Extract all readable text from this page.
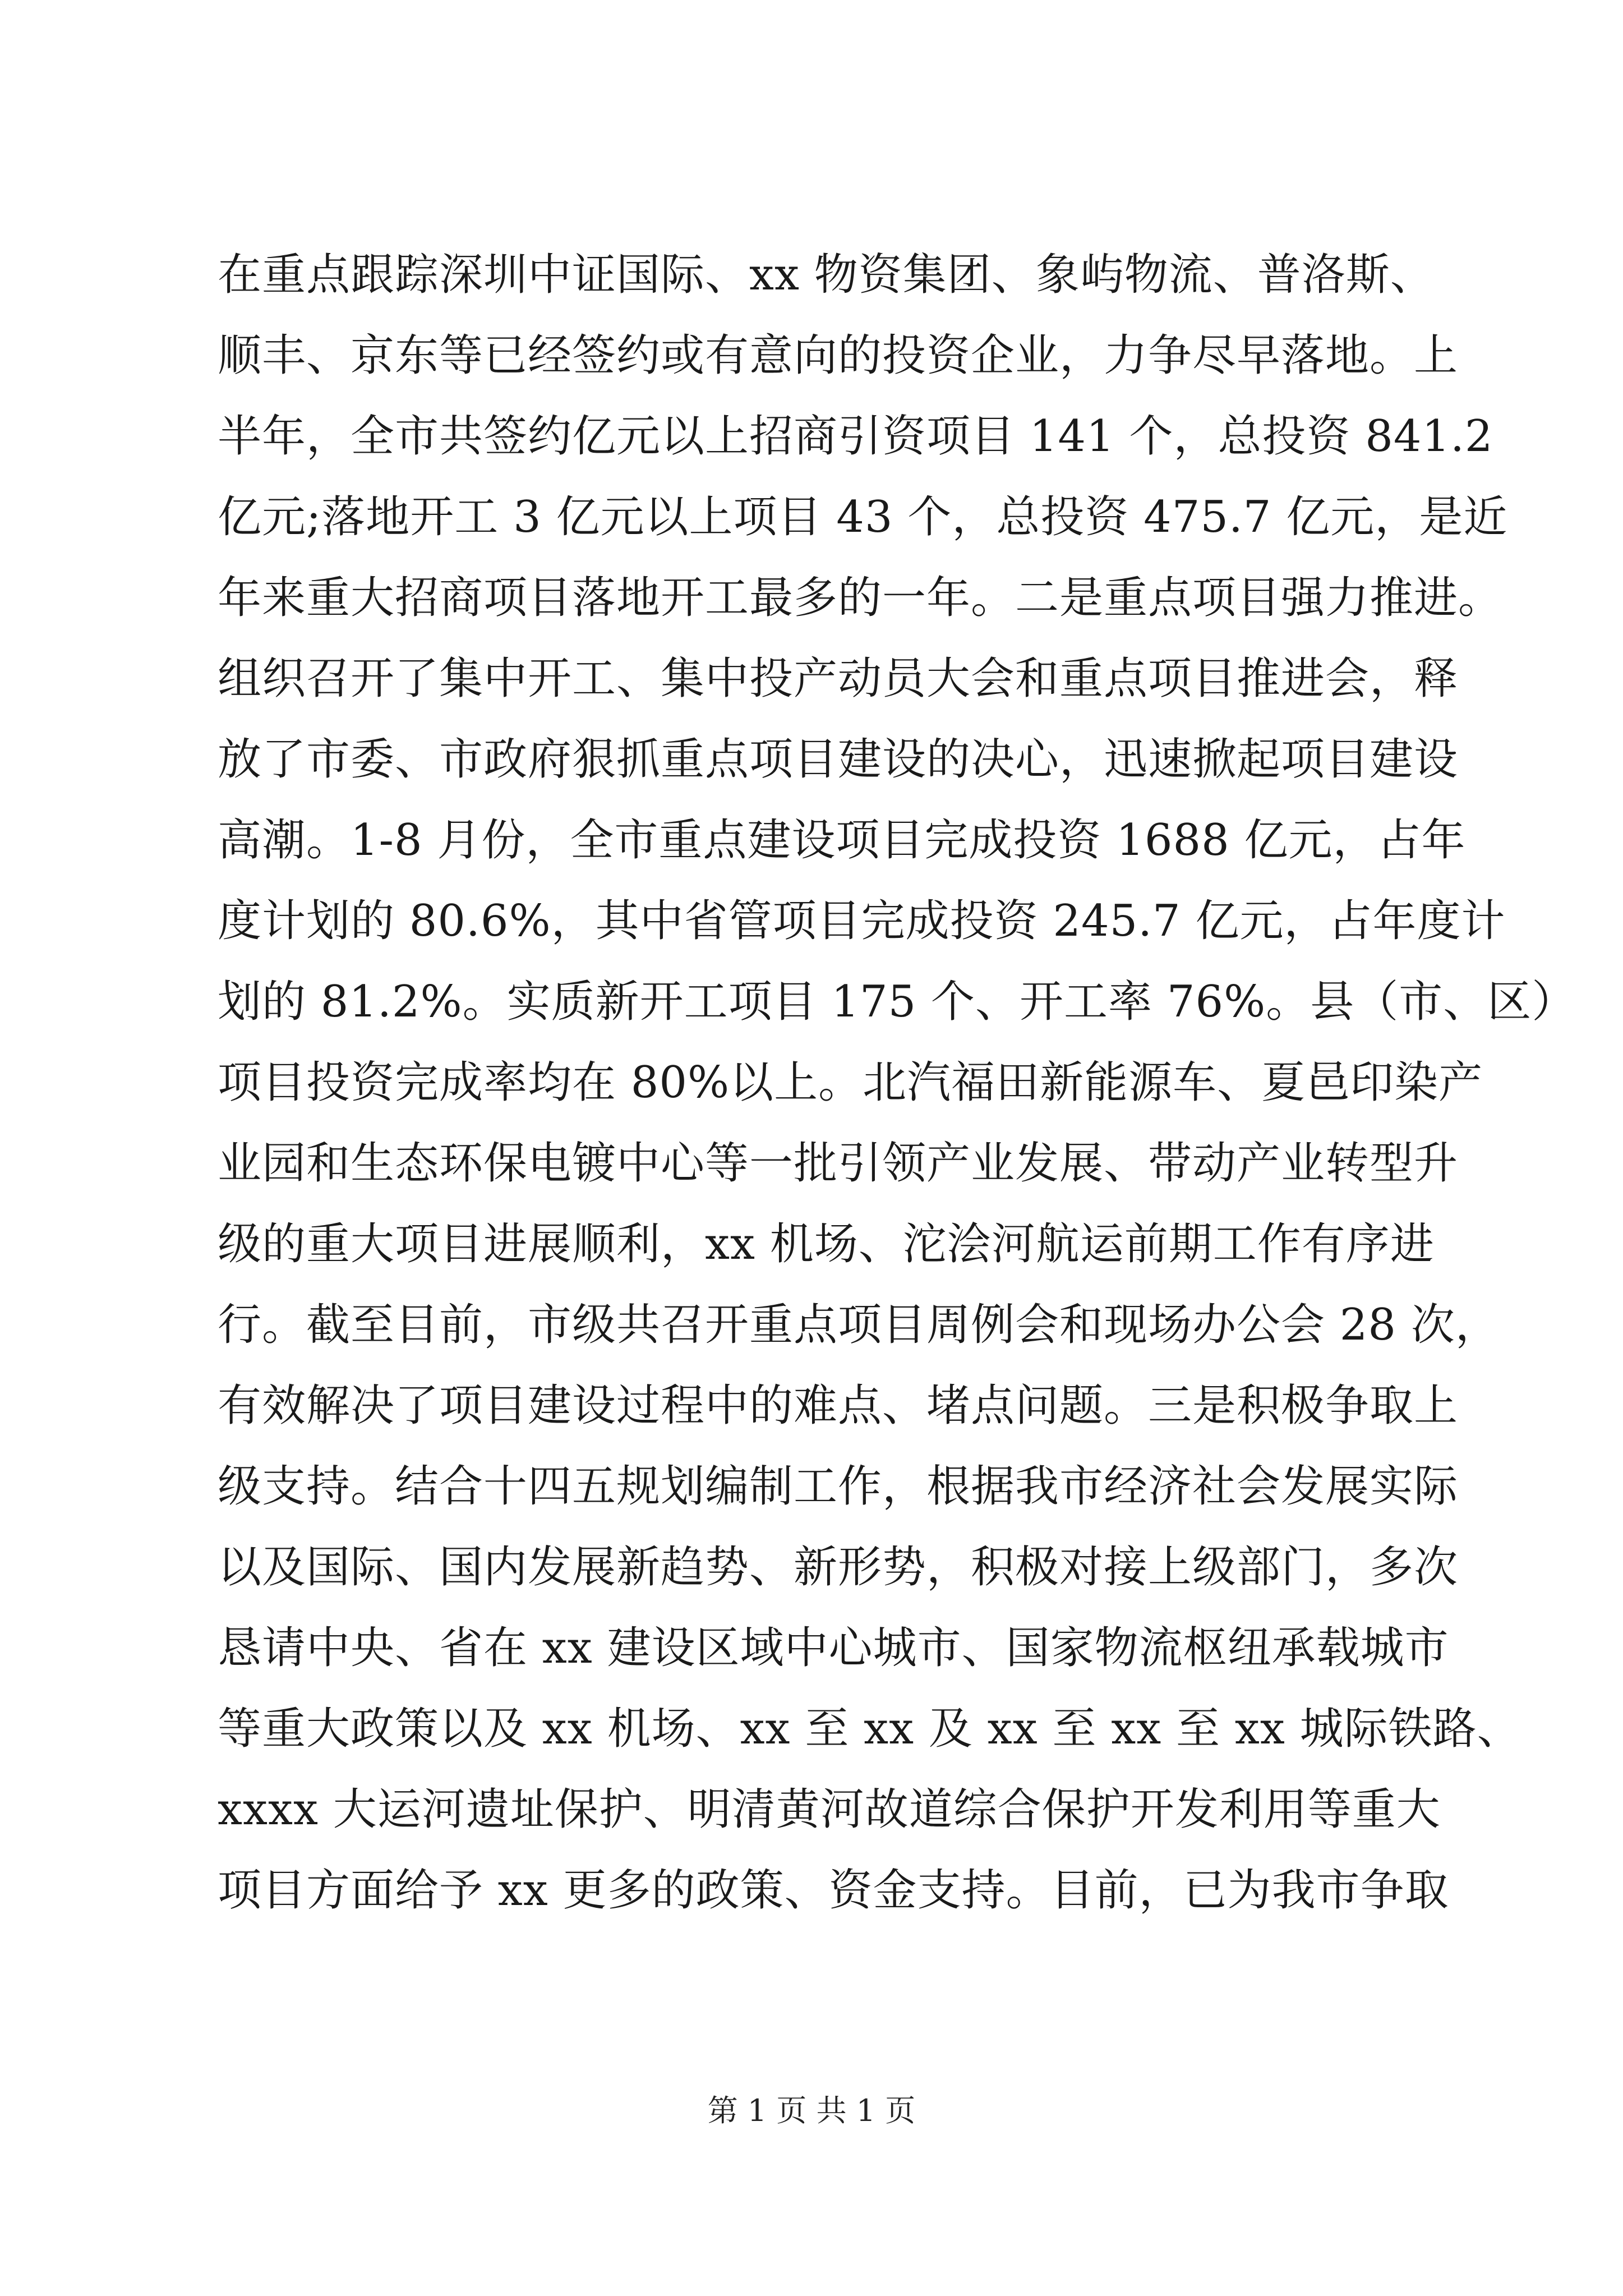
在重点跟踪深圳中证国际、xx 物资集团、象屿物流、普洛斯、
顺丰、京东等已经签约或有意向的投资企业，力争尽早落地。上
半年，全市共签约亿元以上招商引资项目 141 个，总投资 841.2
亿元;落地开工 3 亿元以上项目 43 个，总投资 475.7 亿元，是近
年来重大招商项目落地开工最多的一年。二是重点项目强力推进。
组织召开了集中开工、集中投产动员大会和重点项目推进会，释
放了市委、市政府狠抓重点项目建设的决心，迅速掀起项目建设
高潮。1-8 月份，全市重点建设项目完成投资 1688 亿元，占年
度计划的 80.6%，其中省管项目完成投资 245.7 亿元，占年度计
划的 81.2%。实质新开工项目 175 个、开工率 76%。县（市、区）
项目投资完成率均在 80%以上。北汽福田新能源车、夏邑印染产
业园和生态环保电镀中心等一批引领产业发展、带动产业转型升
级的重大项目进展顺利，xx 机场、沱浍河航运前期工作有序进
行。截至目前，市级共召开重点项目周例会和现场办公会 28 次，
有效解决了项目建设过程中的难点、堵点问题。三是积极争取上
级支持。结合十四五规划编制工作，根据我市经济社会发展实际
以及国际、国内发展新趋势、新形势，积极对接上级部门，多次
恳请中央、省在 xx 建设区域中心城市、国家物流枢纽承载城市
等重大政策以及 xx 机场、xx 至 xx 及 xx 至 xx 至 xx 城际铁路、
xxxx 大运河遗址保护、明清黄河故道综合保护开发利用等重大
项目方面给予 xx 更多的政策、资金支持。目前，已为我市争取
第 1 页 共 1 页
